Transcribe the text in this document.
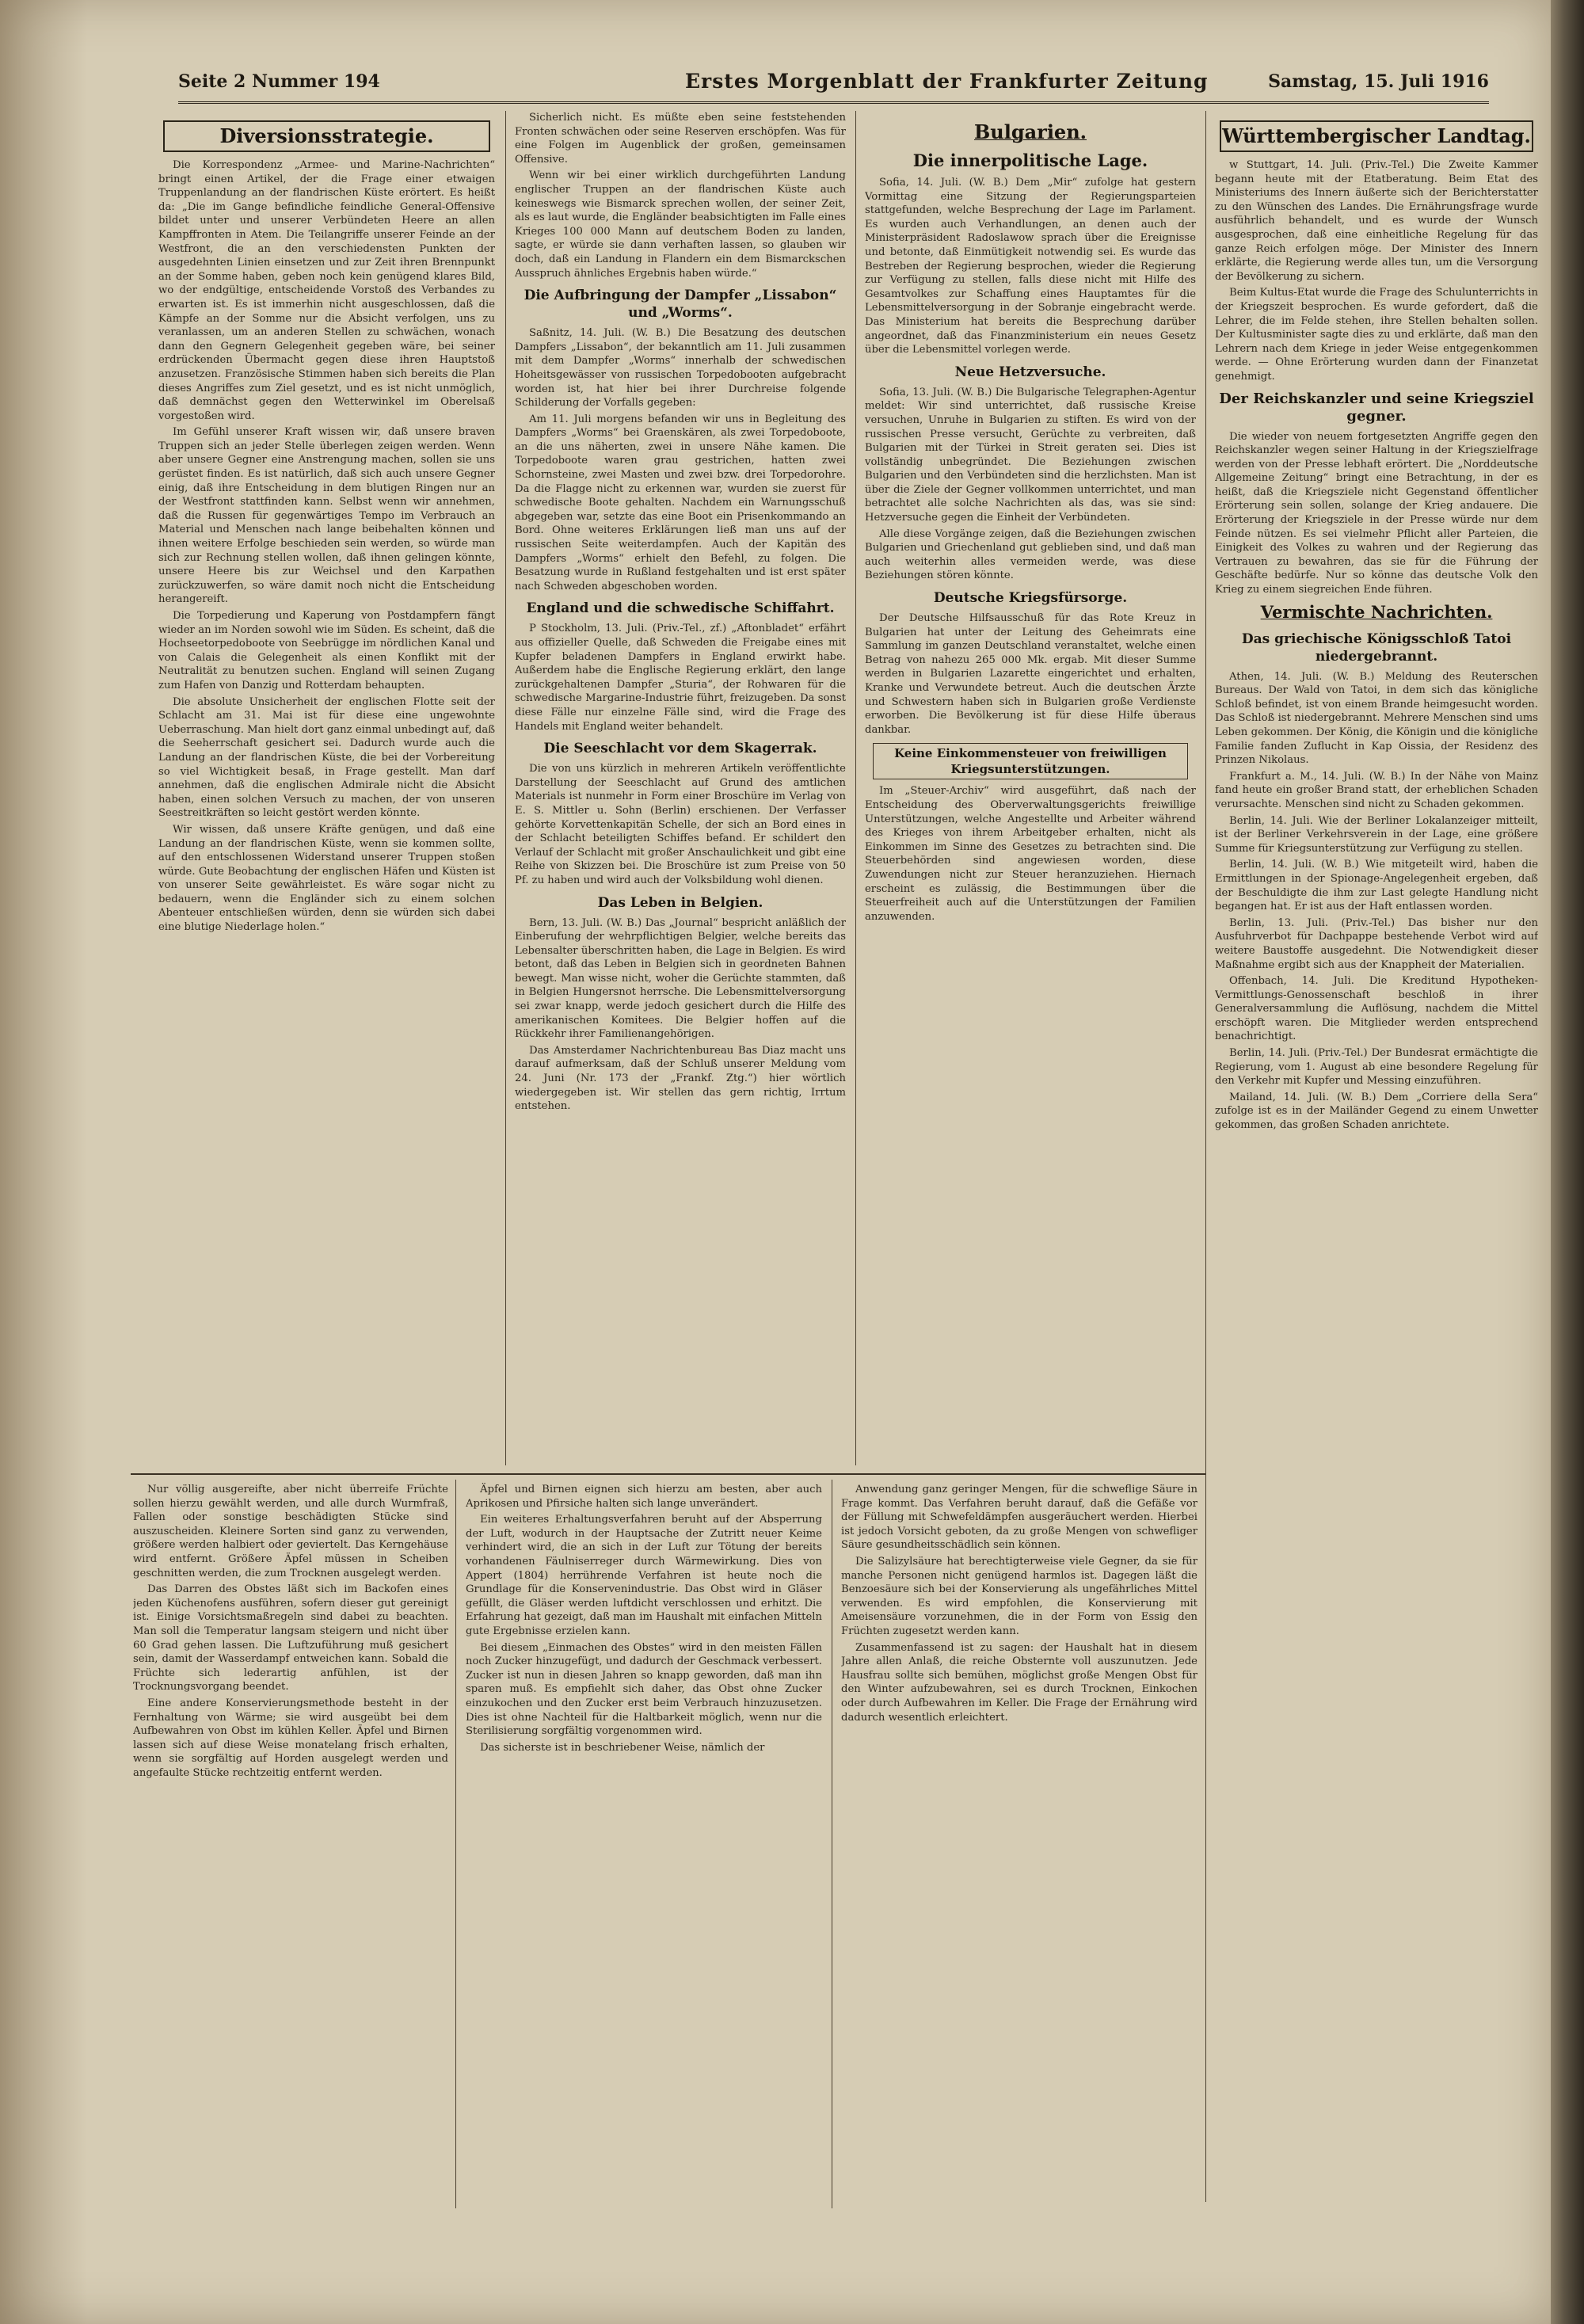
Seite 2 Nummer 194	Erstes Morgenblatt der Frankfurter Zeitung	Samstag, 15. Juli 1916
Diversionsstrategie.

Die Korrespondenz „Armee- und Marine-Nachrichten“ bringt einen Artikel, der die Frage einer etwaigen Truppenlandung an der flandrischen Küste erörtert. Es heißt da: „Die im Gange befindliche feindliche General-Offensive bildet unter und unserer Verbündeten Heere an allen Kampffronten in Atem. Die Teilangriffe unserer Feinde an der Westfront, die an den verschiedensten Punkten der ausgedehnten Linien einsetzen und zur Zeit ihren Brennpunkt an der Somme haben, geben noch kein genügend klares Bild, wo der endgültige, entscheidende Vorstoß des Verbandes zu erwarten ist. Es ist immerhin nicht ausgeschlossen, daß die Kämpfe an der Somme nur die Absicht verfolgen, uns zu veranlassen, um an anderen Stellen zu schwächen, wonach dann den Gegnern Gelegenheit gegeben wäre, bei seiner erdrückenden Übermacht gegen diese ihren Hauptstoß anzusetzen. Französische Stimmen haben sich bereits die Plan dieses Angriffes zum Ziel gesetzt, und es ist nicht unmöglich, daß demnächst gegen den Wetterwinkel im Oberelsaß vorgestoßen wird.

Im Gefühl unserer Kraft wissen wir, daß unsere braven Truppen sich an jeder Stelle überlegen zeigen werden. Wenn aber unsere Gegner eine Anstrengung machen, sollen sie uns gerüstet finden. Es ist natürlich, daß sich auch unsere Gegner einig, daß ihre Entscheidung in dem blutigen Ringen nur an der Westfront stattfinden kann. Selbst wenn wir annehmen, daß die Russen für gegenwärtiges Tempo im Verbrauch an Material und Menschen nach lange beibehalten können und ihnen weitere Erfolge beschieden sein werden, so würde man sich zur Rechnung stellen wollen, daß ihnen gelingen könnte, unsere Heere bis zur Weichsel und den Karpathen zurückzuwerfen, so wäre damit noch nicht die Entscheidung herangereift.

Die Torpedierung und Kaperung von Postdampfern fängt wieder an im Norden sowohl wie im Süden. Es scheint, daß die Hochseetorpedoboote von Seebrügge im nördlichen Kanal und von Calais die Gelegenheit als einen Konflikt mit der Neutralität zu benutzen suchen. England will seinen Zugang zum Hafen von Danzig und Rotterdam behaupten.

Die absolute Unsicherheit der englischen Flotte seit der Schlacht am 31. Mai ist für diese eine ungewohnte Ueberraschung. Man hielt dort ganz einmal unbedingt auf, daß die Seeherrschaft gesichert sei. Dadurch wurde auch die Landung an der flandrischen Küste, die bei der Vorbereitung so viel Wichtigkeit besaß, in Frage gestellt. Man darf annehmen, daß die englischen Admirale nicht die Absicht haben, einen solchen Versuch zu machen, der von unseren Seestreitkräften so leicht gestört werden könnte.

Wir wissen, daß unsere Kräfte genügen, und daß eine Landung an der flandrischen Küste, wenn sie kommen sollte, auf den entschlossenen Widerstand unserer Truppen stoßen würde. Gute Beobachtung der englischen Häfen und Küsten ist von unserer Seite gewährleistet. Es wäre sogar nicht zu bedauern, wenn die Engländer sich zu einem solchen Abenteuer entschließen würden, denn sie würden sich dabei eine blutige Niederlage holen.“

Sicherlich nicht. Es müßte eben seine feststehenden Fronten schwächen oder seine Reserven erschöpfen. Was für eine Folgen im Augenblick der großen, gemeinsamen Offensive.

Wenn wir bei einer wirklich durchgeführten Landung englischer Truppen an der flandrischen Küste auch keineswegs wie Bismarck sprechen wollen, der seiner Zeit, als es laut wurde, die Engländer beabsichtigten im Falle eines Krieges 100 000 Mann auf deutschem Boden zu landen, sagte, er würde sie dann verhaften lassen, so glauben wir doch, daß ein Landung in Flandern ein dem Bismarckschen Ausspruch ähnliches Ergebnis haben würde.“

Die Aufbringung der Dampfer „Lissabon“ und „Worms“.

Saßnitz, 14. Juli. (W. B.) Die Besatzung des deutschen Dampfers „Lissabon“, der bekanntlich am 11. Juli zusammen mit dem Dampfer „Worms“ innerhalb der schwedischen Hoheitsgewässer von russischen Torpedobooten aufgebracht worden ist, hat hier bei ihrer Durchreise folgende Schilderung der Vorfalls gegeben:

Am 11. Juli morgens befanden wir uns in Begleitung des Dampfers „Worms“ bei Graenskären, als zwei Torpedoboote, an die uns näherten, zwei in unsere Nähe kamen. Die Torpedoboote waren grau gestrichen, hatten zwei Schornsteine, zwei Masten und zwei bzw. drei Torpedorohre. Da die Flagge nicht zu erkennen war, wurden sie zuerst für schwedische Boote gehalten. Nachdem ein Warnungsschuß abgegeben war, setzte das eine Boot ein Prisenkommando an Bord. Ohne weiteres Erklärungen ließ man uns auf der russischen Seite weiterdampfen. Auch der Kapitän des Dampfers „Worms“ erhielt den Befehl, zu folgen. Die Besatzung wurde in Rußland festgehalten und ist erst später nach Schweden abgeschoben worden.

England und die schwedische Schiffahrt.

P Stockholm, 13. Juli. (Priv.-Tel., zf.) „Aftonbladet“ erfährt aus offizieller Quelle, daß Schweden die Freigabe eines mit Kupfer beladenen Dampfers in England erwirkt habe. Außerdem habe die Englische Regierung erklärt, den lange zurückgehaltenen Dampfer „Sturia“, der Rohwaren für die schwedische Margarine-Industrie führt, freizugeben. Da sonst diese Fälle nur einzelne Fälle sind, wird die Frage des Handels mit England weiter behandelt.

Die Seeschlacht vor dem Skagerrak.

Die von uns kürzlich in mehreren Artikeln veröffentlichte Darstellung der Seeschlacht auf Grund des amtlichen Materials ist nunmehr in Form einer Broschüre im Verlag von E. S. Mittler u. Sohn (Berlin) erschienen. Der Verfasser gehörte Korvettenkapitän Schelle, der sich an Bord eines in der Schlacht beteiligten Schiffes befand. Er schildert den Verlauf der Schlacht mit großer Anschaulichkeit und gibt eine Reihe von Skizzen bei. Die Broschüre ist zum Preise von 50 Pf. zu haben und wird auch der Volksbildung wohl dienen.

Das Leben in Belgien.

Bern, 13. Juli. (W. B.) Das „Journal“ bespricht anläßlich der Einberufung der wehrpflichtigen Belgier, welche bereits das Lebensalter überschritten haben, die Lage in Belgien. Es wird betont, daß das Leben in Belgien sich in geordneten Bahnen bewegt. Man wisse nicht, woher die Gerüchte stammten, daß in Belgien Hungersnot herrsche. Die Lebensmittelversorgung sei zwar knapp, werde jedoch gesichert durch die Hilfe des amerikanischen Komitees. Die Belgier hoffen auf die Rückkehr ihrer Familienangehörigen.

Das Amsterdamer Nachrichtenbureau Bas Diaz macht uns darauf aufmerksam, daß der Schluß unserer Meldung vom 24. Juni (Nr. 173 der „Frankf. Ztg.“) hier wörtlich wiedergegeben ist. Wir stellen das gern richtig, Irrtum entstehen.

Bulgarien.
Die innerpolitische Lage.

Sofia, 14. Juli. (W. B.) Dem „Mir“ zufolge hat gestern Vormittag eine Sitzung der Regierungsparteien stattgefunden, welche Besprechung der Lage im Parlament. Es wurden auch Verhandlungen, an denen auch der Ministerpräsident Radoslawow sprach über die Ereignisse und betonte, daß Einmütigkeit notwendig sei. Es wurde das Bestreben der Regierung besprochen, wieder die Regierung zur Verfügung zu stellen, falls diese nicht mit Hilfe des Gesamtvolkes zur Schaffung eines Hauptamtes für die Lebensmittelversorgung in der Sobranje eingebracht werde. Das Ministerium hat bereits die Besprechung darüber angeordnet, daß das Finanzministerium ein neues Gesetz über die Lebensmittel vorlegen werde.

Neue Hetzversuche.

Sofia, 13. Juli. (W. B.) Die Bulgarische Telegraphen-Agentur meldet: Wir sind unterrichtet, daß russische Kreise versuchen, Unruhe in Bulgarien zu stiften. Es wird von der russischen Presse versucht, Gerüchte zu verbreiten, daß Bulgarien mit der Türkei in Streit geraten sei. Dies ist vollständig unbegründet. Die Beziehungen zwischen Bulgarien und den Verbündeten sind die herzlichsten. Man ist über die Ziele der Gegner vollkommen unterrichtet, und man betrachtet alle solche Nachrichten als das, was sie sind: Hetzversuche gegen die Einheit der Verbündeten.

Alle diese Vorgänge zeigen, daß die Beziehungen zwischen Bulgarien und Griechenland gut geblieben sind, und daß man auch weiterhin alles vermeiden werde, was diese Beziehungen stören könnte.

Deutsche Kriegsfürsorge.

Der Deutsche Hilfsausschuß für das Rote Kreuz in Bulgarien hat unter der Leitung des Geheimrats eine Sammlung im ganzen Deutschland veranstaltet, welche einen Betrag von nahezu 265 000 Mk. ergab. Mit dieser Summe werden in Bulgarien Lazarette eingerichtet und erhalten, Kranke und Verwundete betreut. Auch die deutschen Ärzte und Schwestern haben sich in Bulgarien große Verdienste erworben. Die Bevölkerung ist für diese Hilfe überaus dankbar.

Keine Einkommensteuer von freiwilligen Kriegsunterstützungen.

Im „Steuer-Archiv“ wird ausgeführt, daß nach der Entscheidung des Oberverwaltungsgerichts freiwillige Unterstützungen, welche Angestellte und Arbeiter während des Krieges von ihrem Arbeitgeber erhalten, nicht als Einkommen im Sinne des Gesetzes zu betrachten sind. Die Steuerbehörden sind angewiesen worden, diese Zuwendungen nicht zur Steuer heranzuziehen. Hiernach erscheint es zulässig, die Bestimmungen über die Steuerfreiheit auch auf die Unterstützungen der Familien anzuwenden.

Württembergischer Landtag.

w Stuttgart, 14. Juli. (Priv.-Tel.) Die Zweite Kammer begann heute mit der Etatberatung. Beim Etat des Ministeriums des Innern äußerte sich der Berichterstatter zu den Wünschen des Landes. Die Ernährungsfrage wurde ausführlich behandelt, und es wurde der Wunsch ausgesprochen, daß eine einheitliche Regelung für das ganze Reich erfolgen möge. Der Minister des Innern erklärte, die Regierung werde alles tun, um die Versorgung der Bevölkerung zu sichern.

Beim Kultus-Etat wurde die Frage des Schulunterrichts in der Kriegszeit besprochen. Es wurde gefordert, daß die Lehrer, die im Felde stehen, ihre Stellen behalten sollen. Der Kultusminister sagte dies zu und erklärte, daß man den Lehrern nach dem Kriege in jeder Weise entgegenkommen werde. — Ohne Erörterung wurden dann der Finanzetat genehmigt.

Der Reichskanzler und seine Kriegsziel gegner.

Die wieder von neuem fortgesetzten Angriffe gegen den Reichskanzler wegen seiner Haltung in der Kriegszielfrage werden von der Presse lebhaft erörtert. Die „Norddeutsche Allgemeine Zeitung“ bringt eine Betrachtung, in der es heißt, daß die Kriegsziele nicht Gegenstand öffentlicher Erörterung sein sollen, solange der Krieg andauere. Die Erörterung der Kriegsziele in der Presse würde nur dem Feinde nützen. Es sei vielmehr Pflicht aller Parteien, die Einigkeit des Volkes zu wahren und der Regierung das Vertrauen zu bewahren, das sie für die Führung der Geschäfte bedürfe. Nur so könne das deutsche Volk den Krieg zu einem siegreichen Ende führen.

Vermischte Nachrichten.
Das griechische Königsschloß Tatoi niedergebrannt.

Athen, 14. Juli. (W. B.) Meldung des Reuterschen Bureaus. Der Wald von Tatoi, in dem sich das königliche Schloß befindet, ist von einem Brande heimgesucht worden. Das Schloß ist niedergebrannt. Mehrere Menschen sind ums Leben gekommen. Der König, die Königin und die königliche Familie fanden Zuflucht in Kap Oissia, der Residenz des Prinzen Nikolaus.

Frankfurt a. M., 14. Juli. (W. B.) In der Nähe von Mainz fand heute ein großer Brand statt, der erheblichen Schaden verursachte. Menschen sind nicht zu Schaden gekommen.

Berlin, 14. Juli. Wie der Berliner Lokalanzeiger mitteilt, ist der Berliner Verkehrsverein in der Lage, eine größere Summe für Kriegsunterstützung zur Verfügung zu stellen.

Berlin, 14. Juli. (W. B.) Wie mitgeteilt wird, haben die Ermittlungen in der Spionage-Angelegenheit ergeben, daß der Beschuldigte die ihm zur Last gelegte Handlung nicht begangen hat. Er ist aus der Haft entlassen worden.

Berlin, 13. Juli. (Priv.-Tel.) Das bisher nur den Ausfuhrverbot für Dachpappe bestehende Verbot wird auf weitere Baustoffe ausgedehnt. Die Notwendigkeit dieser Maßnahme ergibt sich aus der Knappheit der Materialien.

Offenbach, 14. Juli. Die Kreditund Hypotheken-Vermittlungs-Genossenschaft beschloß in ihrer Generalversammlung die Auflösung, nachdem die Mittel erschöpft waren. Die Mitglieder werden entsprechend benachrichtigt.

Berlin, 14. Juli. (Priv.-Tel.) Der Bundesrat ermächtigte die Regierung, vom 1. August ab eine besondere Regelung für den Verkehr mit Kupfer und Messing einzuführen.

Mailand, 14. Juli. (W. B.) Dem „Corriere della Sera“ zufolge ist es in der Mailänder Gegend zu einem Unwetter gekommen, das großen Schaden anrichtete.

Nur völlig ausgereifte, aber nicht überreife Früchte sollen hierzu gewählt werden, und alle durch Wurmfraß, Fallen oder sonstige beschädigten Stücke sind auszuscheiden. Kleinere Sorten sind ganz zu verwenden, größere werden halbiert oder geviertelt. Das Kerngehäuse wird entfernt. Größere Äpfel müssen in Scheiben geschnitten werden, die zum Trocknen ausgelegt werden.

Das Darren des Obstes läßt sich im Backofen eines jeden Küchenofens ausführen, sofern dieser gut gereinigt ist. Einige Vorsichtsmaßregeln sind dabei zu beachten. Man soll die Temperatur langsam steigern und nicht über 60 Grad gehen lassen. Die Luftzuführung muß gesichert sein, damit der Wasserdampf entweichen kann. Sobald die Früchte sich lederartig anfühlen, ist der Trocknungsvorgang beendet.

Eine andere Konservierungsmethode besteht in der Fernhaltung von Wärme; sie wird ausgeübt bei dem Aufbewahren von Obst im kühlen Keller. Äpfel und Birnen lassen sich auf diese Weise monatelang frisch erhalten, wenn sie sorgfältig auf Horden ausgelegt werden und angefaulte Stücke rechtzeitig entfernt werden.

Äpfel und Birnen eignen sich hierzu am besten, aber auch Aprikosen und Pfirsiche halten sich lange unverändert.

Ein weiteres Erhaltungsverfahren beruht auf der Absperrung der Luft, wodurch in der Hauptsache der Zutritt neuer Keime verhindert wird, die an sich in der Luft zur Tötung der bereits vorhandenen Fäulniserreger durch Wärmewirkung. Dies von Appert (1804) herrührende Verfahren ist heute noch die Grundlage für die Konservenindustrie. Das Obst wird in Gläser gefüllt, die Gläser werden luftdicht verschlossen und erhitzt. Die Erfahrung hat gezeigt, daß man im Haushalt mit einfachen Mitteln gute Ergebnisse erzielen kann.

Bei diesem „Einmachen des Obstes“ wird in den meisten Fällen noch Zucker hinzugefügt, und dadurch der Geschmack verbessert. Zucker ist nun in diesen Jahren so knapp geworden, daß man ihn sparen muß. Es empfiehlt sich daher, das Obst ohne Zucker einzukochen und den Zucker erst beim Verbrauch hinzuzusetzen. Dies ist ohne Nachteil für die Haltbarkeit möglich, wenn nur die Sterilisierung sorgfältig vorgenommen wird.

Das sicherste ist in beschriebener Weise, nämlich der

Anwendung ganz geringer Mengen, für die schweflige Säure in Frage kommt. Das Verfahren beruht darauf, daß die Gefäße vor der Füllung mit Schwefeldämpfen ausgeräuchert werden. Hierbei ist jedoch Vorsicht geboten, da zu große Mengen von schwefliger Säure gesundheitsschädlich sein können.

Die Salizylsäure hat berechtigterweise viele Gegner, da sie für manche Personen nicht genügend harmlos ist. Dagegen läßt die Benzoesäure sich bei der Konservierung als ungefährliches Mittel verwenden. Es wird empfohlen, die Konservierung mit Ameisensäure vorzunehmen, die in der Form von Essig den Früchten zugesetzt werden kann.

Zusammenfassend ist zu sagen: der Haushalt hat in diesem Jahre allen Anlaß, die reiche Obsternte voll auszunutzen. Jede Hausfrau sollte sich bemühen, möglichst große Mengen Obst für den Winter aufzubewahren, sei es durch Trocknen, Einkochen oder durch Aufbewahren im Keller. Die Frage der Ernährung wird dadurch wesentlich erleichtert.
